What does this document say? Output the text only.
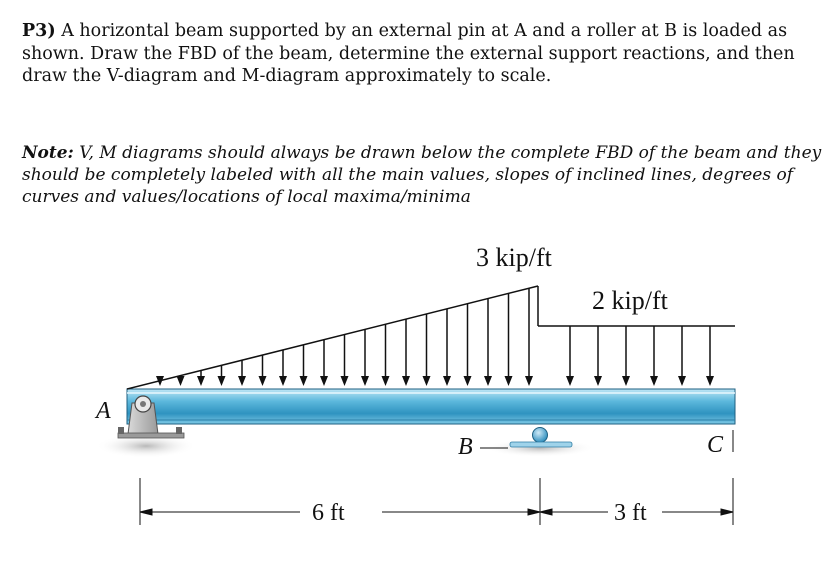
P3) A horizontal beam supported by an external pin at A and a roller at B is loaded as
shown. Draw the FBD of the beam, determine the external support reactions, and then
draw the V-diagram and M-diagram approximately to scale.
Note: V, M diagrams should always be drawn below the complete FBD of the beam and they
should be completely labeled with all the main values, slopes of inclined lines, degrees of
curves and values/locations of local maxima/minima
3 kip/ft
2 kip/ft
A
B	C
6 ft	3 ft
